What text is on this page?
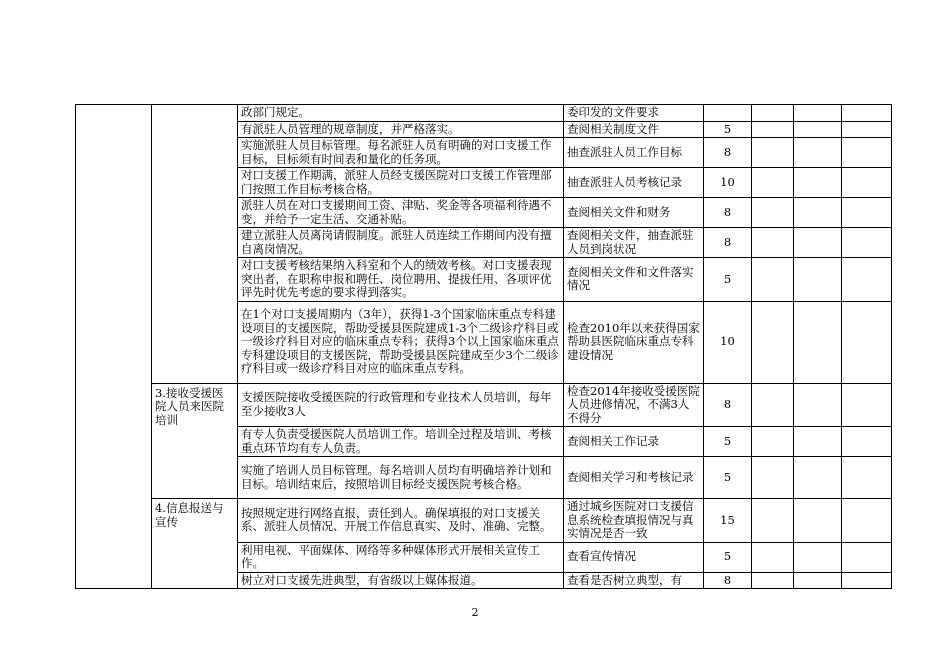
		政部门规定。	委印发的文件要求				
		有派驻人员管理的规章制度，并严格落实。	查阅相关制度文件	5			
		实施派驻人员目标管理。每名派驻人员有明确的对口支援工作目标，目标须有时间表和量化的任务项。	抽查派驻人员工作目标	8			
		对口支援工作期满，派驻人员经支援医院对口支援工作管理部门按照工作目标考核合格。	抽查派驻人员考核记录	10			
		派驻人员在对口支援期间工资、津贴、奖金等各项福利待遇不变，并给予一定生活、交通补贴。	查阅相关文件和财务	8			
		建立派驻人员离岗请假制度。派驻人员连续工作期间内没有擅自离岗情况。	查阅相关文件，抽查派驻人员到岗状况	8			
		对口支援考核结果纳入科室和个人的绩效考核。对口支援表现突出者，在职称申报和聘任、岗位聘用、提拔任用、各项评优评先时优先考虑的要求得到落实。	查阅相关文件和文件落实情况	5			
		在1个对口支援周期内（3年），获得1-3个国家临床重点专科建设项目的支援医院，帮助受援县医院建成1-3个二级诊疗科目或一级诊疗科目对应的临床重点专科；获得3个以上国家临床重点专科建设项目的支援医院，帮助受援县医院建成至少3个二级诊疗科目或一级诊疗科目对应的临床重点专科。	检查2010年以来获得国家帮助县医院临床重点专科建设情况	10			
	3.接收受援医院人员来医院培训	支援医院接收受援医院的行政管理和专业技术人员培训，每年至少接收3人	检查2014年接收受援医院人员进修情况，不满3人不得分	8			
		有专人负责受援医院人员培训工作。培训全过程及培训、考核重点环节均有专人负责。	查阅相关工作记录	5			
		实施了培训人员目标管理。每名培训人员均有明确培养计划和目标。培训结束后，按照培训目标经支援医院考核合格。	查阅相关学习和考核记录	5			
	4.信息报送与宣传	按照规定进行网络直报，责任到人。确保填报的对口支援关系、派驻人员情况、开展工作信息真实、及时、准确、完整。	通过城乡医院对口支援信息系统检查填报情况与真实情况是否一致	15			
		利用电视、平面媒体、网络等多种媒体形式开展相关宣传工作。	查看宣传情况	5			
		树立对口支援先进典型，有省级以上媒体报道。	查看是否树立典型，有	8			
2
